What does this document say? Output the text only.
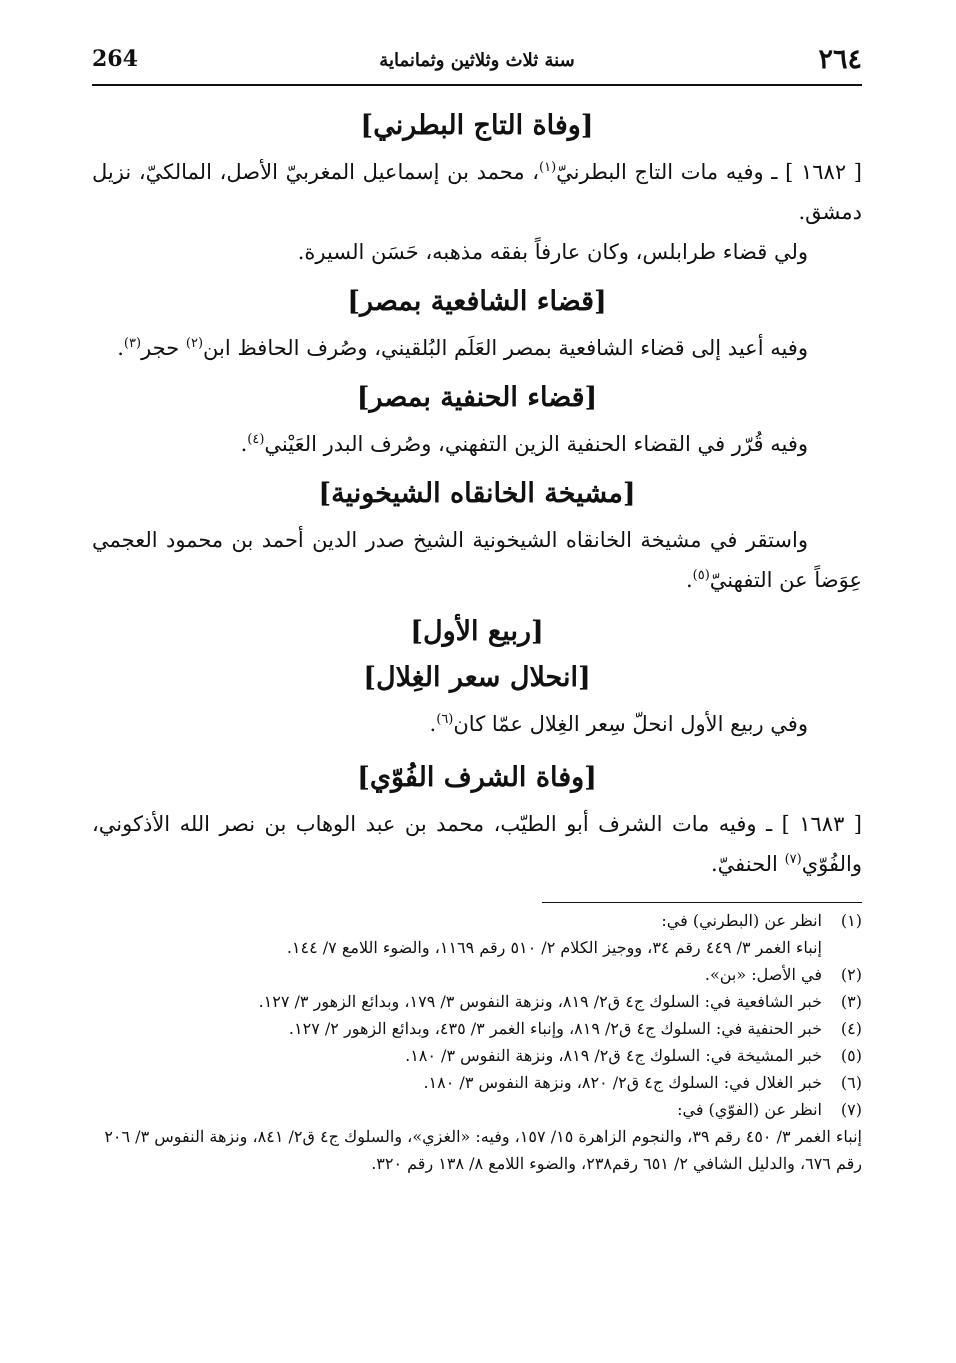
٢٦٤
سنة ثلاث وثلاثين وثمانماية
264
[وفاة التاج البطرني]

[ ١٦٨٢ ] ـ وفيه مات التاج البطرنيّ$^{(١)}$، محمد بن إسماعيل المغربيّ الأصل، المالكيّ، نزيل دمشق.

ولي قضاء طرابلس، وكان عارفاً بفقه مذهبه، حَسَن السيرة.

[قضاء الشافعية بمصر]

وفيه أعيد إلى قضاء الشافعية بمصر العَلَم البُلقيني، وصُرف الحافظ ابن$^{(٢)}$ حجر$^{(٣)}$.

[قضاء الحنفية بمصر]

وفيه قُرّر في القضاء الحنفية الزين التفهني، وصُرف البدر العَيْني$^{(٤)}$.

[مشيخة الخانقاه الشيخونية]

واستقر في مشيخة الخانقاه الشيخونية الشيخ صدر الدين أحمد بن محمود العجمي عِوَضاً عن التفهنيّ$^{(٥)}$.

[ربيع الأول]
[انحلال سعر الغِلال]

وفي ربيع الأول انحلّ سِعر الغِلال عمّا كان$^{(٦)}$.

[وفاة الشرف الفُوّي]

[ ١٦٨٣ ] ـ وفيه مات الشرف أبو الطيّب، محمد بن عبد الوهاب بن نصر الله الأذكوني، والفُوّي$^{(٧)}$ الحنفيّ.

(١)انظر عن (البطرني) في:

إنباء الغمر ٣/ ٤٤٩ رقم ٣٤، ووجيز الكلام ٢/ ٥١٠ رقم ١١٦٩، والضوء اللامع ٧/ ١٤٤.

(٢)في الأصل: «بن».

(٣)خبر الشافعية في: السلوك ج٤ ق٢/ ٨١٩، ونزهة النفوس ٣/ ١٧٩، وبدائع الزهور ٣/ ١٢٧.

(٤)خبر الحنفية في: السلوك ج٤ ق٢/ ٨١٩، وإنباء الغمر ٣/ ٤٣٥، وبدائع الزهور ٢/ ١٢٧.

(٥)خبر المشيخة في: السلوك ج٤ ق٢/ ٨١٩، ونزهة النفوس ٣/ ١٨٠.

(٦)خبر الغلال في: السلوك ج٤ ق٢/ ٨٢٠، ونزهة النفوس ٣/ ١٨٠.

(٧)انظر عن (الفوّي) في:

إنباء الغمر ٣/ ٤٥٠ رقم ٣٩، والنجوم الزاهرة ١٥/ ١٥٧، وفيه: «الغزي»، والسلوك ج٤ ق٢/ ٨٤١، ونزهة النفوس ٣/ ٢٠٦ رقم ٦٧٦، والدليل الشافي ٢/ ٦٥١ رقم٢٣٨، والضوء اللامع ٨/ ١٣٨ رقم ٣٢٠.
